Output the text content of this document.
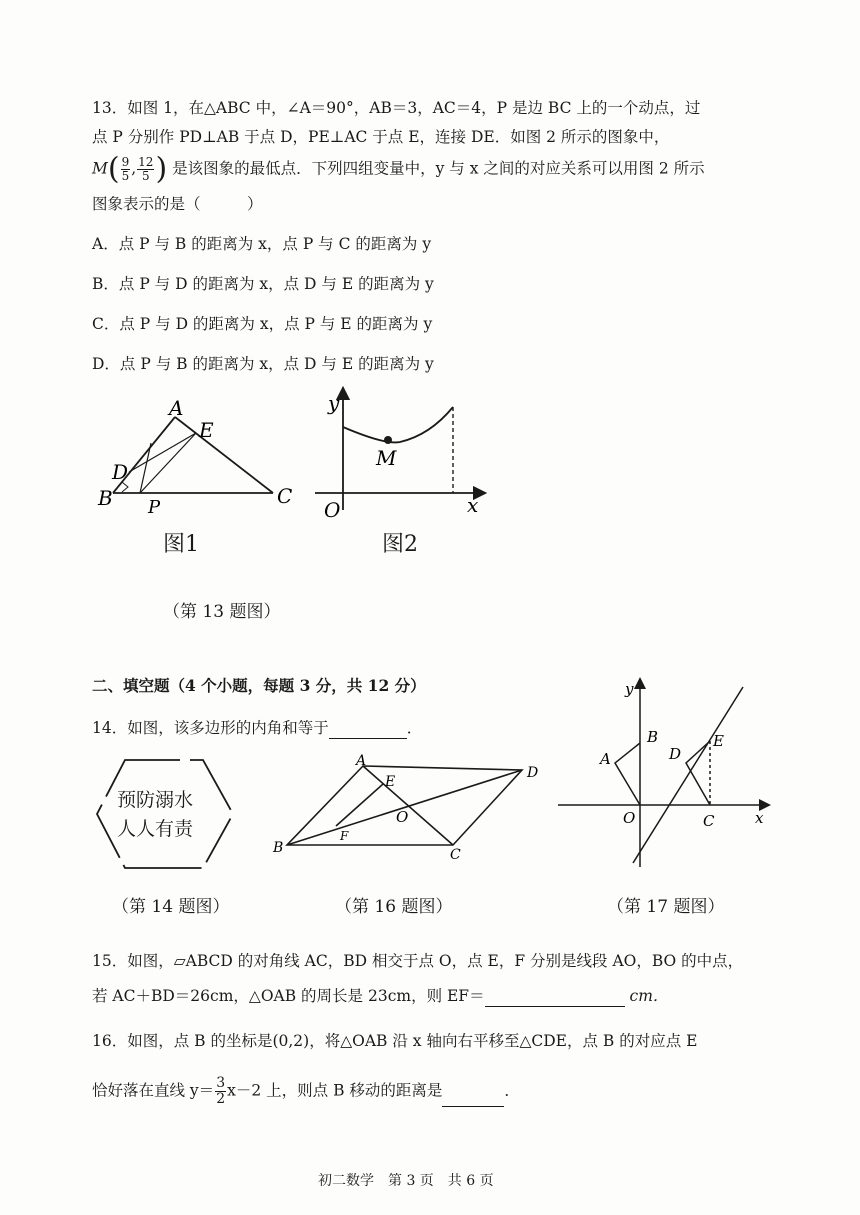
13．如图 1，在△ABC 中，∠A＝90°，AB＝3，AC＝4，P 是边 BC 上的一个动点，过
点 P 分别作 PD⊥AB 于点 D，PE⊥AC 于点 E，连接 DE．如图 2 所示的图象中，
$M( \frac{9}{5}$ , $\frac{12}{5}$ ) 是该图象的最低点．下列四组变量中，y 与 x 之间的对应关系可以用图 2 所示
图象表示的是（　　　）
A．点 P 与 B 的距离为 x，点 P 与 C 的距离为 y
B．点 P 与 D 的距离为 x，点 D 与 E 的距离为 y
C．点 P 与 D 的距离为 x，点 P 与 E 的距离为 y
D．点 P 与 B 的距离为 x，点 D 与 E 的距离为 y
A
E
D
B P	C
图1
y
M
O	x
图2
（第 13 题图）
二、填空题（4 个小题，每题 3 分，共 12 分）
14．如图，该多边形的内角和等于	．
预防溺水
人人有责
（第 14 题图）
A
D
E
O
B
F
C
（第 16 题图）
y
B
A	D
E
O	C	x
（第 17 题图）
15．如图，▱ABCD 的对角线 AC，BD 相交于点 O，点 E，F 分别是线段 AO，BO 的中点，
若 AC＋BD＝26cm，△OAB 的周长是 23cm，则 EF＝	cm．
16．如图，点 B 的坐标是(0,2)，将△OAB 沿 x 轴向右平移至△CDE，点 B 的对应点 E
恰好落在直线 $y= \frac{3}{2} x-2$ 上，则点 B 移动的距离是	．
初二数学　第 3 页　共 6 页
